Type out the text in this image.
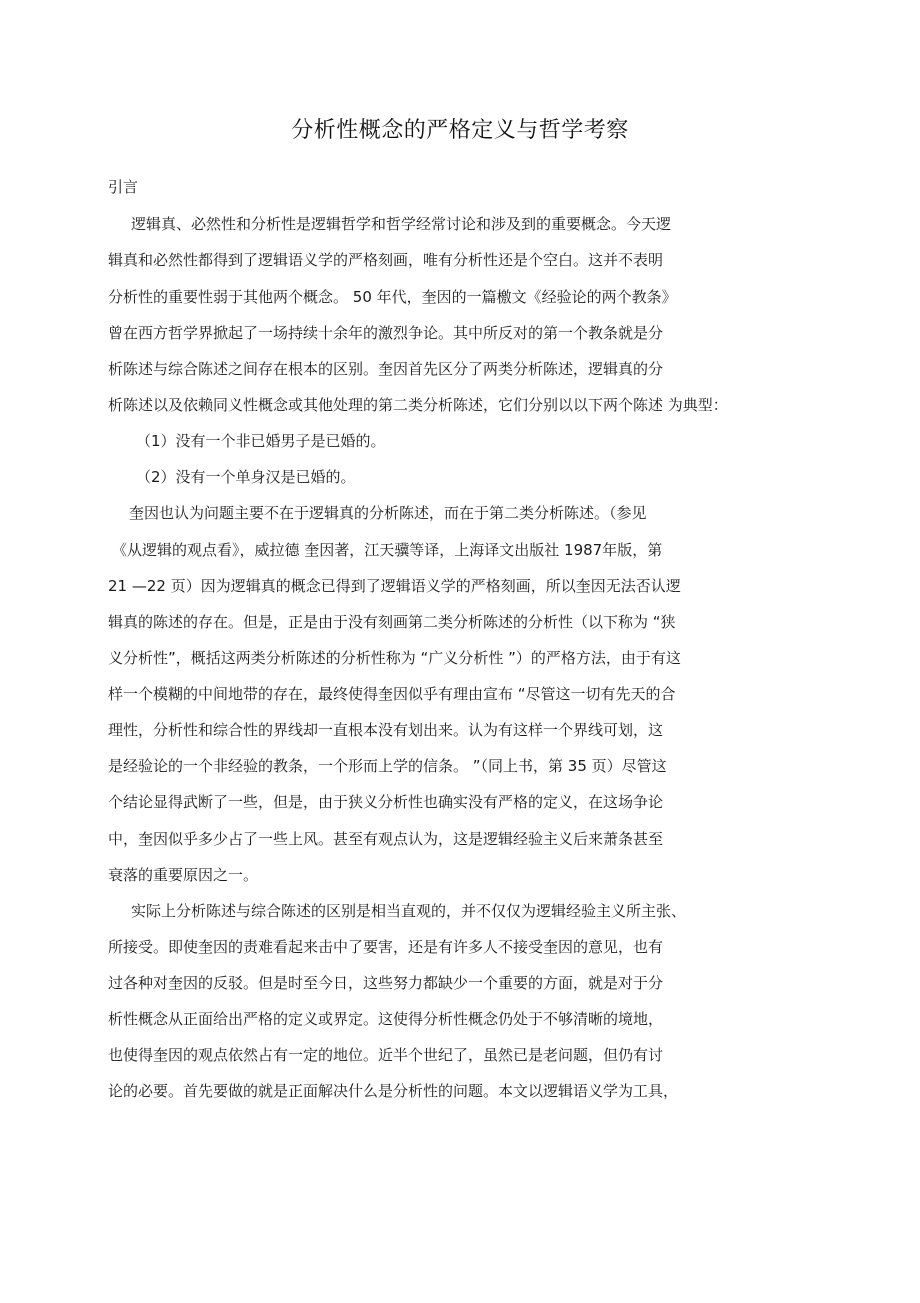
分析性概念的严格定义与哲学考察
引言
逻辑真、必然性和分析性是逻辑哲学和哲学经常讨论和涉及到的重要概念。今天逻
辑真和必然性都得到了逻辑语义学的严格刻画，唯有分析性还是个空白。这并不表明
分析性的重要性弱于其他两个概念。 50 年代，奎因的一篇檄文《经验论的两个教条》
曾在西方哲学界掀起了一场持续十余年的激烈争论。其中所反对的第一个教条就是分
析陈述与综合陈述之间存在根本的区别。奎因首先区分了两类分析陈述，逻辑真的分
析陈述以及依赖同义性概念或其他处理的第二类分析陈述，它们分别以以下两个陈述 为典型：
（1）没有一个非已婚男子是已婚的。
（2）没有一个单身汉是已婚的。
奎因也认为问题主要不在于逻辑真的分析陈述，而在于第二类分析陈述。（参见
《从逻辑的观点看》，威拉德 奎因著，江天骥等译，上海译文出版社 1987年版，第
21 —22 页）因为逻辑真的概念已得到了逻辑语义学的严格刻画，所以奎因无法否认逻
辑真的陈述的存在。但是，正是由于没有刻画第二类分析陈述的分析性（以下称为 “狭
义分析性”，概括这两类分析陈述的分析性称为 “广义分析性 ”）的严格方法，由于有这
样一个模糊的中间地带的存在，最终使得奎因似乎有理由宣布 “尽管这一切有先天的合
理性，分析性和综合性的界线却一直根本没有划出来。认为有这样一个界线可划，这
是经验论的一个非经验的教条，一个形而上学的信条。 ”（同上书，第 35 页）尽管这
个结论显得武断了一些，但是，由于狭义分析性也确实没有严格的定义，在这场争论
中，奎因似乎多少占了一些上风。甚至有观点认为，这是逻辑经验主义后来萧条甚至
衰落的重要原因之一。
实际上分析陈述与综合陈述的区别是相当直观的，并不仅仅为逻辑经验主义所主张、
所接受。即使奎因的责难看起来击中了要害，还是有许多人不接受奎因的意见，也有
过各种对奎因的反驳。但是时至今日，这些努力都缺少一个重要的方面，就是对于分
析性概念从正面给出严格的定义或界定。这使得分析性概念仍处于不够清晰的境地，
也使得奎因的观点依然占有一定的地位。近半个世纪了，虽然已是老问题，但仍有讨
论的必要。首先要做的就是正面解决什么是分析性的问题。本文以逻辑语义学为工具，
